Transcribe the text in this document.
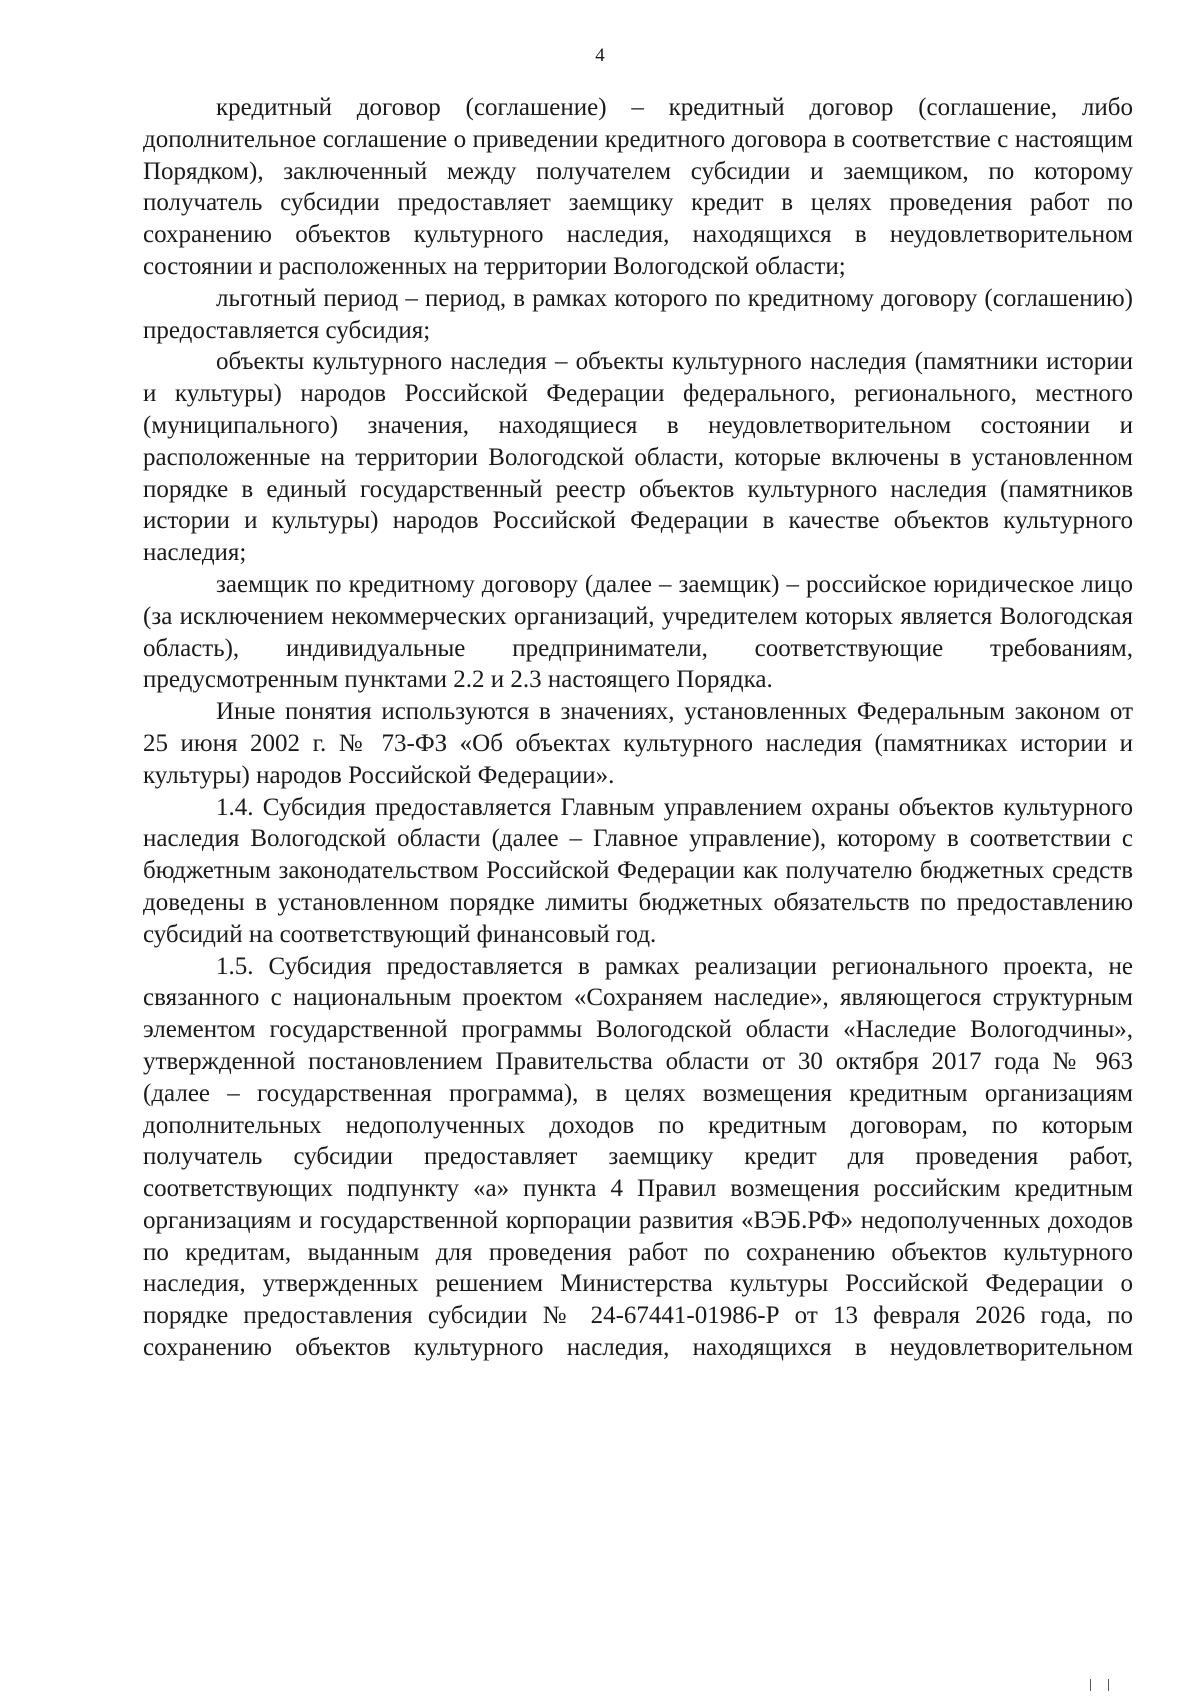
4

кредитный договор (соглашение) – кредитный договор (соглашение, либо дополнительное соглашение о приведении кредитного договора в соответствие с настоящим Порядком), заключенный между получателем субсидии и заемщиком, по которому получатель субсидии предоставляет заемщику кредит в целях проведения работ по сохранению объектов культурного наследия, находящихся в неудовлетворительном состоянии и расположенных на территории Вологодской области;

льготный период – период, в рамках которого по кредитному договору (соглашению) предоставляется субсидия;

объекты культурного наследия – объекты культурного наследия (памятники истории и культуры) народов Российской Федерации федерального, регионального, местного (муниципального) значения, находящиеся в неудовлетворительном состоянии и расположенные на территории Вологодской области, которые включены в установленном порядке в единый государственный реестр объектов культурного наследия (памятников истории и культуры) народов Российской Федерации в качестве объектов культурного наследия;

заемщик по кредитному договору (далее – заемщик) – российское юридическое лицо (за исключением некоммерческих организаций, учредителем которых является Вологодская область), индивидуальные предприниматели, соответствующие требованиям, предусмотренным пунктами 2.2 и 2.3 настоящего Порядка.

Иные понятия используются в значениях, установленных Федеральным законом от 25 июня 2002 г. № 73-ФЗ «Об объектах культурного наследия (памятниках истории и культуры) народов Российской Федерации».

1.4. Субсидия предоставляется Главным управлением охраны объектов культурного наследия Вологодской области (далее – Главное управление), которому в соответствии с бюджетным законодательством Российской Федерации как получателю бюджетных средств доведены в установленном порядке лимиты бюджетных обязательств по предоставлению субсидий на соответствующий финансовый год.

1.5. Субсидия предоставляется в рамках реализации регионального проекта, не связанного с национальным проектом «Сохраняем наследие», являющегося структурным элементом государственной программы Вологодской области «Наследие Вологодчины», утвержденной постановлением Правительства области от 30 октября 2017 года № 963 (далее – государственная программа), в целях возмещения кредитным организациям дополнительных недополученных доходов по кредитным договорам, по которым получатель субсидии предоставляет заемщику кредит для проведения работ, соответствующих подпункту «а» пункта 4 Правил возмещения российским кредитным организациям и государственной корпорации развития «ВЭБ.РФ» недополученных доходов по кредитам, выданным для проведения работ по сохранению объектов культурного наследия, утвержденных решением Министерства культуры Российской Федерации о порядке предоставления субсидии № 24-67441-01986-Р от 13 февраля 2026 года, по сохранению объектов культурного наследия, находящихся в неудовлетворительном
